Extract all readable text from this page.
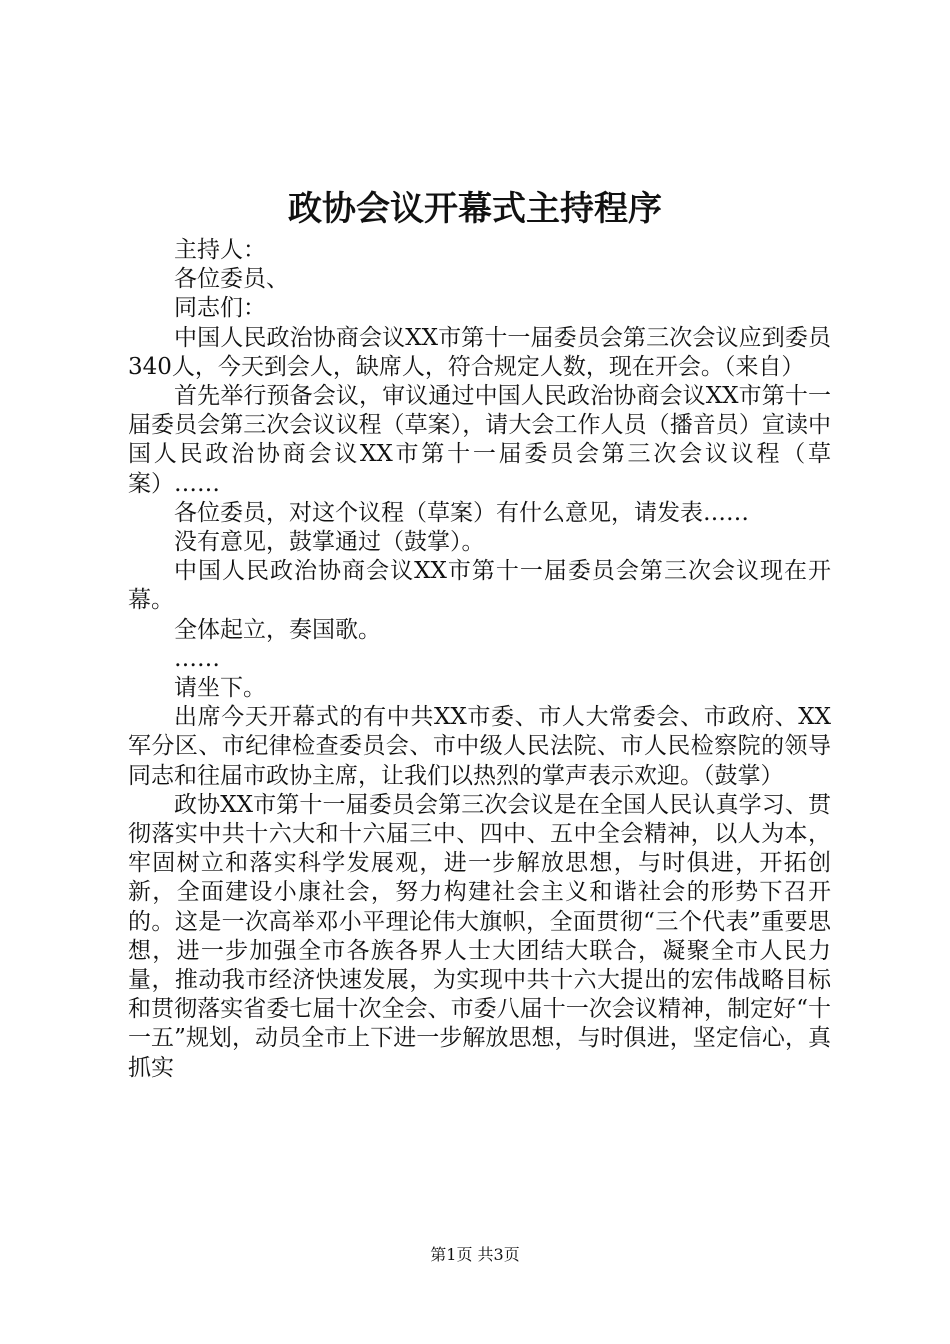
政协会议开幕式主持程序

主持人：

各位委员、

同志们：

中国人民政治协商会议XX市第十一届委员会第三次会议应到委员340人，今天到会人，缺席人，符合规定人数，现在开会。（来自）

首先举行预备会议，审议通过中国人民政治协商会议XX市第十一届委员会第三次会议议程（草案），请大会工作人员（播音员）宣读中国人民政治协商会议XX市第十一届委员会第三次会议议程（草案）……

各位委员，对这个议程（草案）有什么意见，请发表……

没有意见，鼓掌通过（鼓掌）。

中国人民政治协商会议XX市第十一届委员会第三次会议现在开幕。

全体起立，奏国歌。

……

请坐下。

出席今天开幕式的有中共XX市委、市人大常委会、市政府、XX军分区、市纪律检查委员会、市中级人民法院、市人民检察院的领导同志和往届市政协主席，让我们以热烈的掌声表示欢迎。（鼓掌）

政协XX市第十一届委员会第三次会议是在全国人民认真学习、贯彻落实中共十六大和十六届三中、四中、五中全会精神，以人为本，牢固树立和落实科学发展观，进一步解放思想，与时俱进，开拓创新，全面建设小康社会，努力构建社会主义和谐社会的形势下召开的。这是一次高举邓小平理论伟大旗帜，全面贯彻“三个代表”重要思想，进一步加强全市各族各界人士大团结大联合，凝聚全市人民力量，推动我市经济快速发展，为实现中共十六大提出的宏伟战略目标和贯彻落实省委七届十次全会、市委八届十一次会议精神，制定好“十一五”规划，动员全市上下进一步解放思想，与时俱进，坚定信心，真抓实

第1页 共3页
